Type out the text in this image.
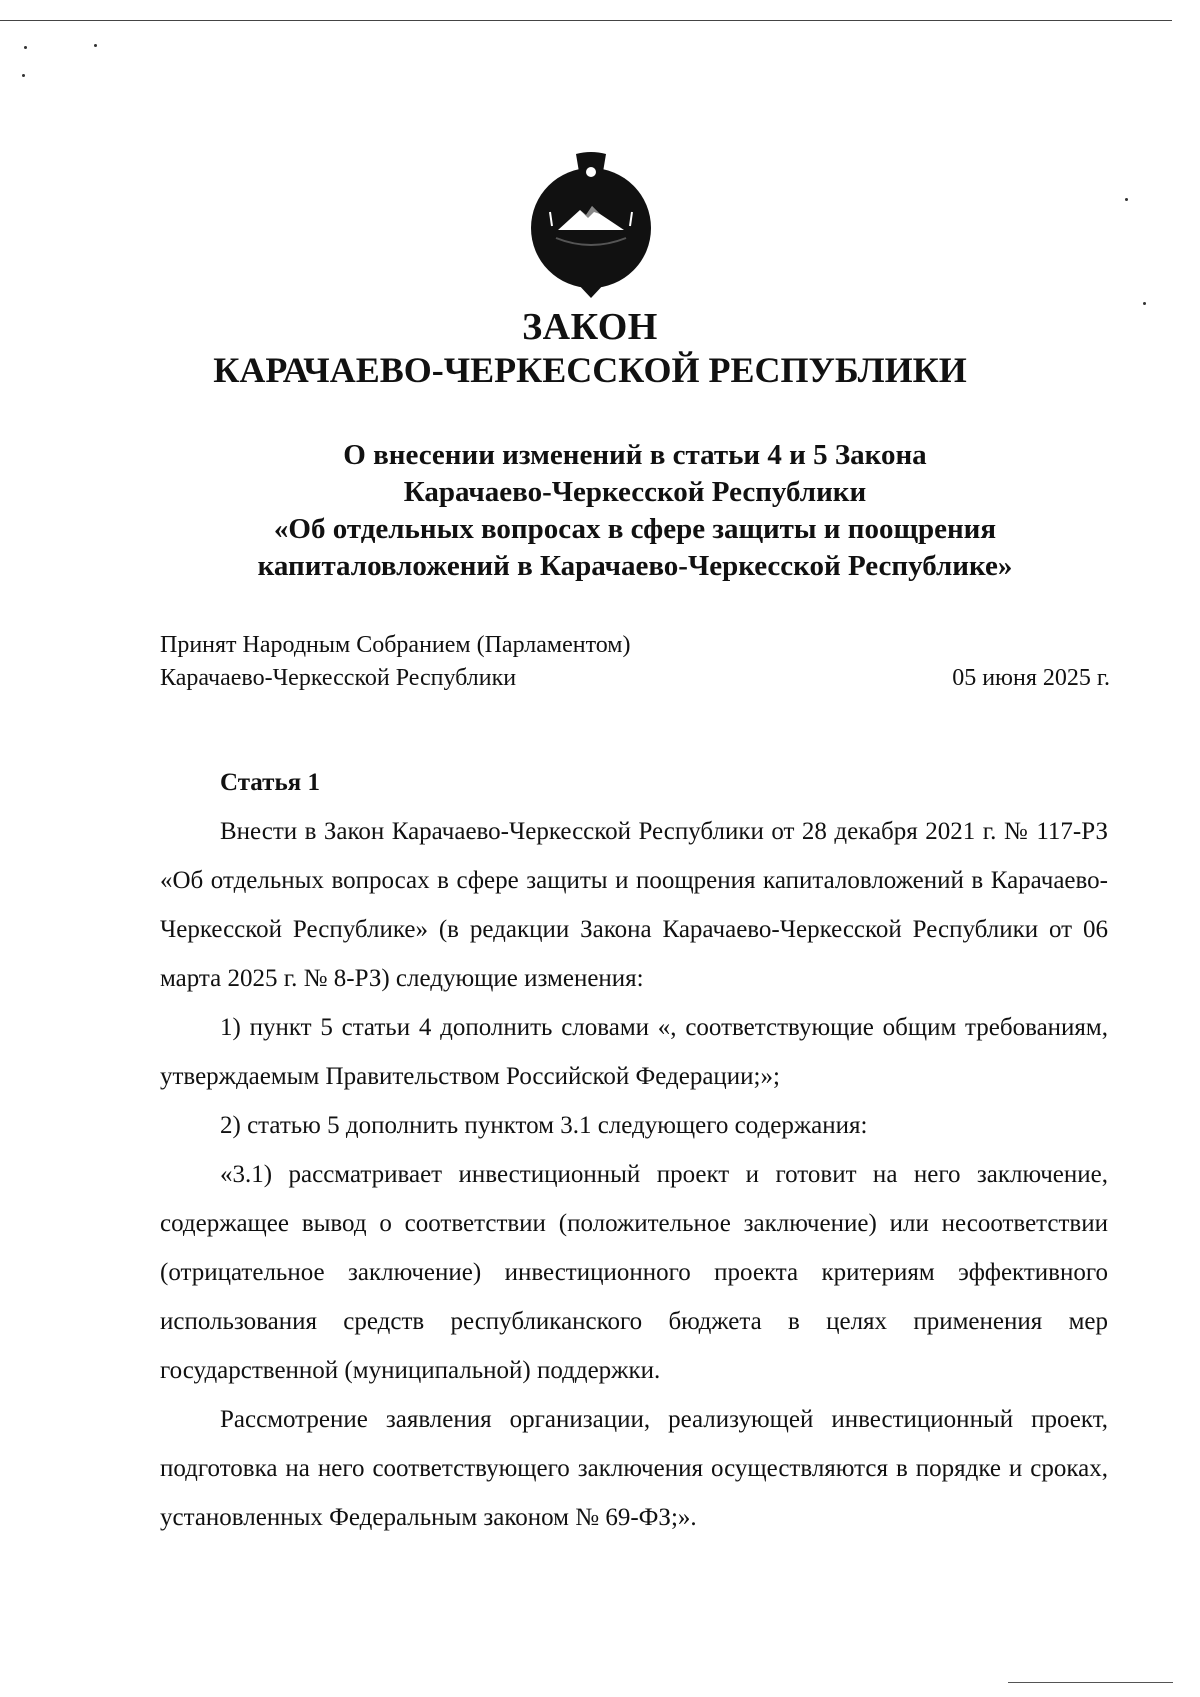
ЗАКОН
КАРАЧАЕВО-ЧЕРКЕССКОЙ РЕСПУБЛИКИ
О внесении изменений в статьи 4 и 5 Закона
Карачаево-Черкесской Республики
«Об отдельных вопросах в сфере защиты и поощрения
капиталовложений в Карачаево-Черкесской Республике»
Принят Народным Собранием (Парламентом)
Карачаево-Черкесской Республики	05 июня 2025 г.

Статья 1

Внести в Закон Карачаево-Черкесской Республики от 28 декабря 2021 г. № 117-РЗ «Об отдельных вопросах в сфере защиты и поощрения капиталовложений в Карачаево-Черкесской Республике» (в редакции Закона Карачаево-Черкесской Республики от 06 марта 2025 г. № 8-РЗ) следующие изменения:

1) пункт 5 статьи 4 дополнить словами «, соответствующие общим требованиям, утверждаемым Правительством Российской Федерации;»;

2) статью 5 дополнить пунктом 3.1 следующего содержания:

«3.1) рассматривает инвестиционный проект и готовит на него заключение, содержащее вывод о соответствии (положительное заключение) или несоответствии (отрицательное заключение) инвестиционного проекта критериям эффективного использования средств республиканского бюджета в целях применения мер государственной (муниципальной) поддержки.

Рассмотрение заявления организации, реализующей инвестиционный проект, подготовка на него соответствующего заключения осуществляются в порядке и сроках, установленных Федеральным законом № 69-ФЗ;».
